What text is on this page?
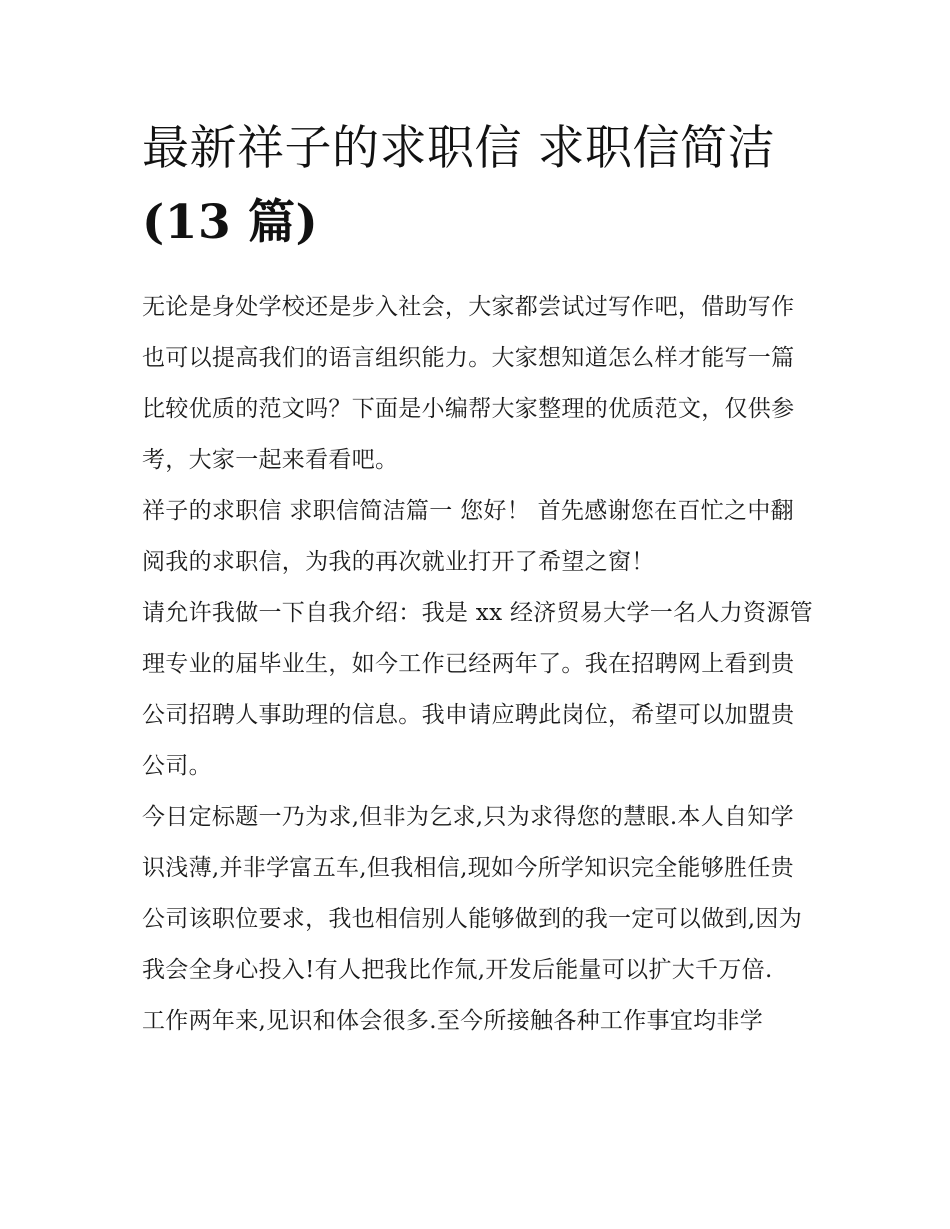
最新祥子的求职信 求职信简洁
(13 篇)

无论是身处学校还是步入社会，大家都尝试过写作吧，借助写作也可以提高我们的语言组织能力。大家想知道怎么样才能写一篇比较优质的范文吗？下面是小编帮大家整理的优质范文，仅供参考，大家一起来看看吧。

祥子的求职信 求职信简洁篇一 您好！ 首先感谢您在百忙之中翻阅我的求职信，为我的再次就业打开了希望之窗！

请允许我做一下自我介绍：我是 xx 经济贸易大学一名人力资源管理专业的届毕业生，如今工作已经两年了。我在招聘网上看到贵公司招聘人事助理的信息。我申请应聘此岗位，希望可以加盟贵公司。

今日定标题一乃为求,但非为乞求,只为求得您的慧眼.本人自知学识浅薄,并非学富五车,但我相信,现如今所学知识完全能够胜任贵公司该职位要求，我也相信别人能够做到的我一定可以做到,因为我会全身心投入!有人把我比作氚,开发后能量可以扩大千万倍.

工作两年来,见识和体会很多.至今所接触各种工作事宜均非学
